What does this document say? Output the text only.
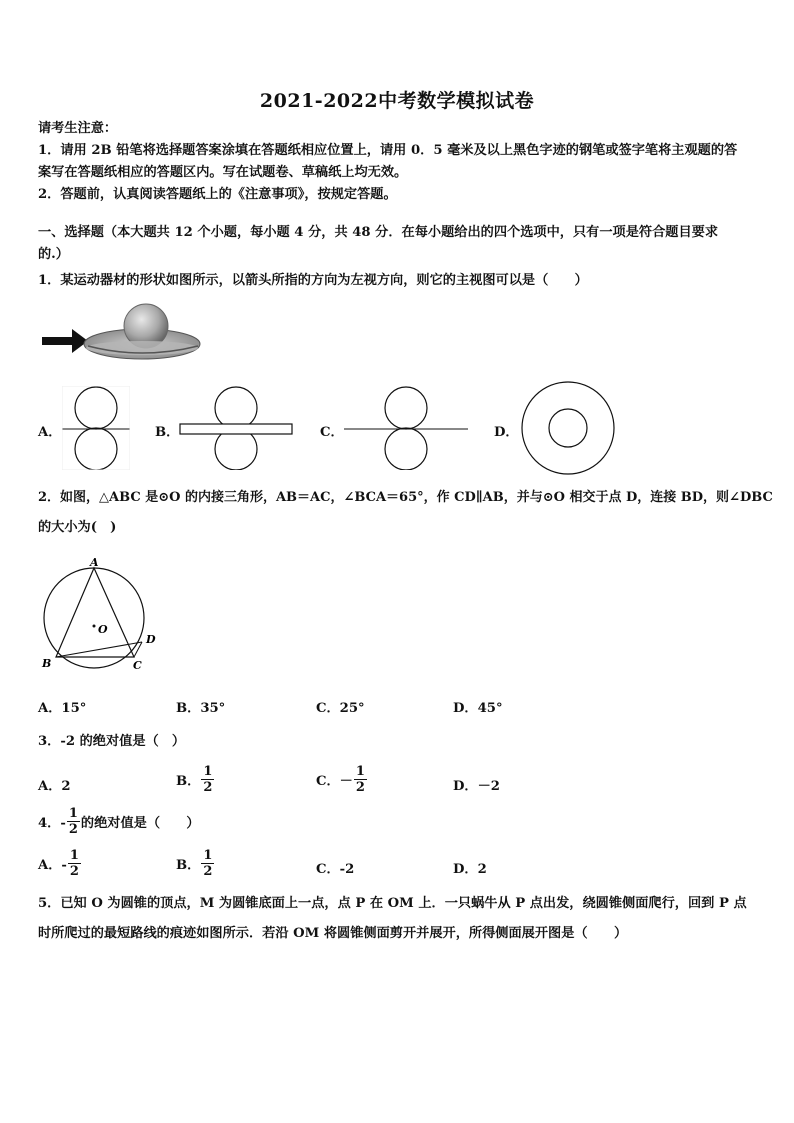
2021-2022中考数学模拟试卷
请考生注意：
1．请用 2B 铅笔将选择题答案涂填在答题纸相应位置上，请用 0．5 毫米及以上黑色字迹的钢笔或签字笔将主观题的答
案写在答题纸相应的答题区内。写在试题卷、草稿纸上均无效。
2．答题前，认真阅读答题纸上的《注意事项》，按规定答题。
一、选择题（本大题共 12 个小题，每小题 4 分，共 48 分．在每小题给出的四个选项中，只有一项是符合题目要求
的.）
1．某运动器材的形状如图所示，以箭头所指的方向为左视方向，则它的主视图可以是（　　）
A．	B．	C．	D．
2．如图，△ABC 是⊙O 的内接三角形，AB＝AC，∠BCA＝65°，作 CD∥AB，并与⊙O 相交于点 D，连接 BD，则∠DBC
的大小为(　)
A
B	C
D
O
A．15°	B．35°	C．25°	D．45°
3．-2 的绝对值是（　）
A．2	B． $\frac{1}{2}$	C．－ $\frac{1}{2}$	D．－2
4．- $\frac{1}{2}$ 的绝对值是（　　）
A．- $\frac{1}{2}$	B． $\frac{1}{2}$	C．-2	D．2
5．已知 O 为圆锥的顶点，M 为圆锥底面上一点，点 P 在 OM 上．一只蜗牛从 P 点出发，绕圆锥侧面爬行，回到 P 点
时所爬过的最短路线的痕迹如图所示．若沿 OM 将圆锥侧面剪开并展开，所得侧面展开图是（　　）
